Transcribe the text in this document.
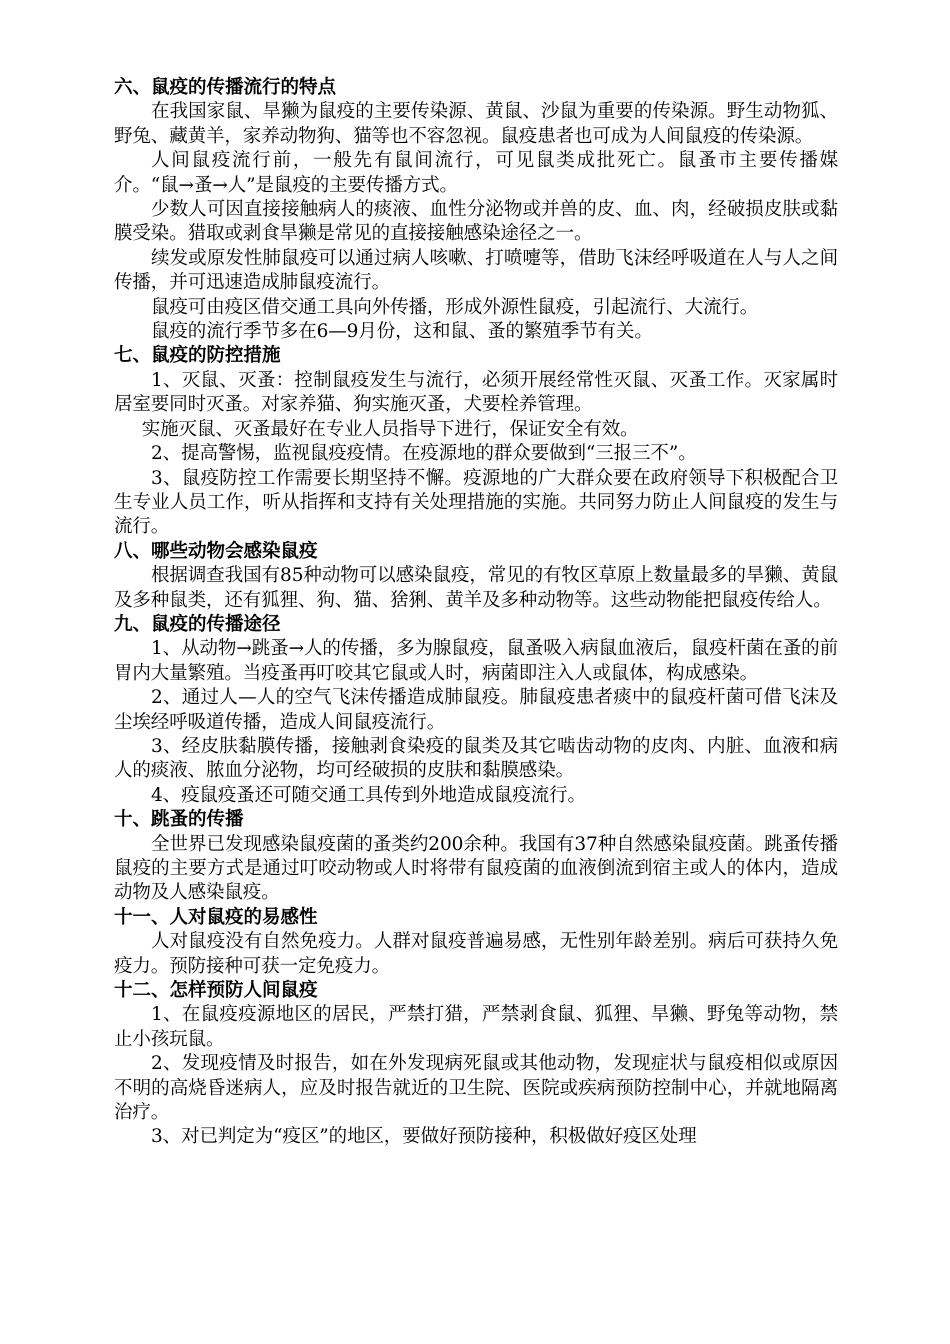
六、鼠疫的传播流行的特点

在我国家鼠、旱獭为鼠疫的主要传染源、黄鼠、沙鼠为重要的传染源。野生动物狐、野兔、藏黄羊，家养动物狗、猫等也不容忽视。鼠疫患者也可成为人间鼠疫的传染源。

人间鼠疫流行前，一般先有鼠间流行，可见鼠类成批死亡。鼠蚤市主要传播媒介。“鼠→蚤→人”是鼠疫的主要传播方式。

少数人可因直接接触病人的痰液、血性分泌物或并兽的皮、血、肉，经破损皮肤或黏膜受染。猎取或剥食旱獭是常见的直接接触感染途径之一。

续发或原发性肺鼠疫可以通过病人咳嗽、打喷嚏等，借助飞沫经呼吸道在人与人之间传播，并可迅速造成肺鼠疫流行。

鼠疫可由疫区借交通工具向外传播，形成外源性鼠疫，引起流行、大流行。

鼠疫的流行季节多在6—9月份，这和鼠、蚤的繁殖季节有关。

七、鼠疫的防控措施

1、灭鼠、灭蚤：控制鼠疫发生与流行，必须开展经常性灭鼠、灭蚤工作。灭家属时居室要同时灭蚤。对家养猫、狗实施灭蚤，犬要栓养管理。

实施灭鼠、灭蚤最好在专业人员指导下进行，保证安全有效。

2、提高警惕，监视鼠疫疫情。在疫源地的群众要做到“三报三不”。

3、鼠疫防控工作需要长期坚持不懈。疫源地的广大群众要在政府领导下积极配合卫生专业人员工作，听从指挥和支持有关处理措施的实施。共同努力防止人间鼠疫的发生与流行。

八、哪些动物会感染鼠疫

根据调查我国有85种动物可以感染鼠疫，常见的有牧区草原上数量最多的旱獭、黄鼠及多种鼠类，还有狐狸、狗、猫、猞猁、黄羊及多种动物等。这些动物能把鼠疫传给人。

九、鼠疫的传播途径

1、从动物→跳蚤→人的传播，多为腺鼠疫，鼠蚤吸入病鼠血液后，鼠疫杆菌在蚤的前胃内大量繁殖。当疫蚤再叮咬其它鼠或人时，病菌即注入人或鼠体，构成感染。

2、通过人—人的空气飞沫传播造成肺鼠疫。肺鼠疫患者痰中的鼠疫杆菌可借飞沫及尘埃经呼吸道传播，造成人间鼠疫流行。

3、经皮肤黏膜传播，接触剥食染疫的鼠类及其它啮齿动物的皮肉、内脏、血液和病人的痰液、脓血分泌物，均可经破损的皮肤和黏膜感染。

4、疫鼠疫蚤还可随交通工具传到外地造成鼠疫流行。

十、跳蚤的传播

全世界已发现感染鼠疫菌的蚤类约200余种。我国有37种自然感染鼠疫菌。跳蚤传播鼠疫的主要方式是通过叮咬动物或人时将带有鼠疫菌的血液倒流到宿主或人的体内，造成动物及人感染鼠疫。

十一、人对鼠疫的易感性

人对鼠疫没有自然免疫力。人群对鼠疫普遍易感，无性别年龄差别。病后可获持久免疫力。预防接种可获一定免疫力。

十二、怎样预防人间鼠疫

1、在鼠疫疫源地区的居民，严禁打猎，严禁剥食鼠、狐狸、旱獭、野兔等动物，禁止小孩玩鼠。

2、发现疫情及时报告，如在外发现病死鼠或其他动物，发现症状与鼠疫相似或原因不明的高烧昏迷病人，应及时报告就近的卫生院、医院或疾病预防控制中心，并就地隔离治疗。

3、对已判定为“疫区”的地区，要做好预防接种，积极做好疫区处理
